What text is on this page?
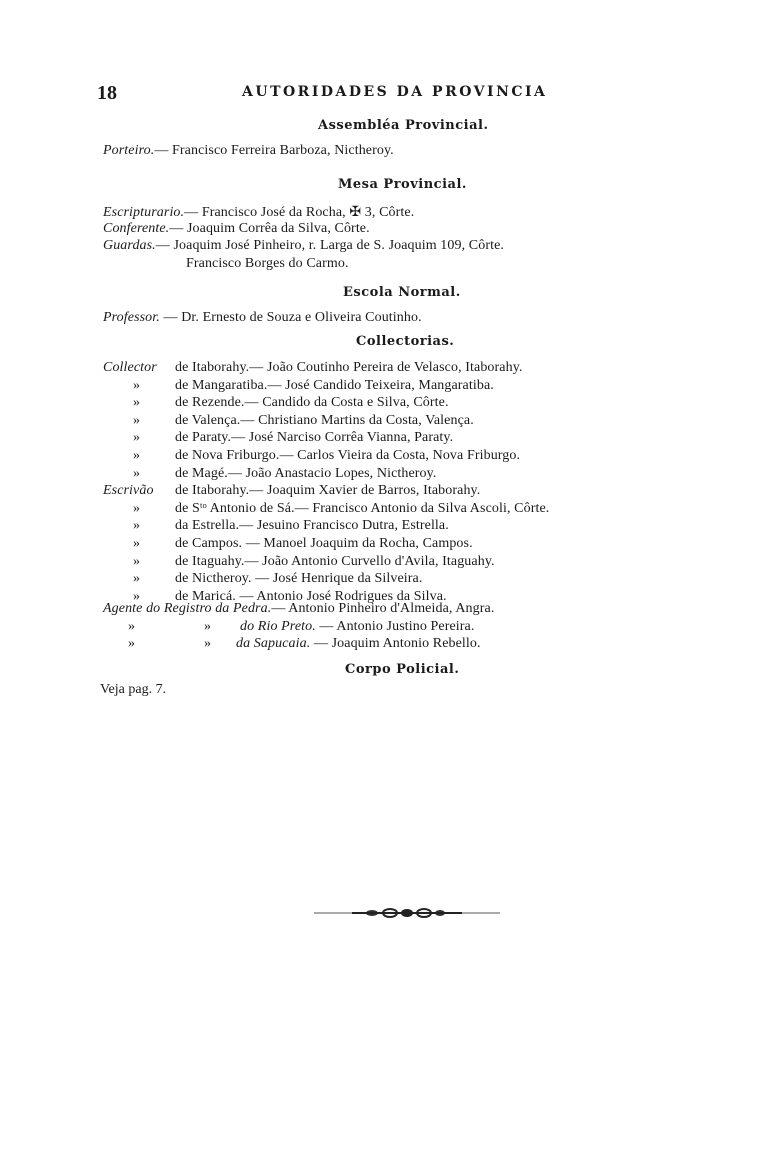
18	AUTORIDADES DA PROVINCIA
Assembléa Provincial.
Porteiro.— Francisco Ferreira Barboza, Nictheroy.
Mesa Provincial.
Escripturario.— Francisco José da Rocha, ✠ 3, Côrte.
Conferente.— Joaquim Corrêa da Silva, Côrte.
Guardas.— Joaquim José Pinheiro, r. Larga de S. Joaquim 109, Côrte.
Francisco Borges do Carmo.
Escola Normal.
Professor. — Dr. Ernesto de Souza e Oliveira Coutinho.
Collectorias.
Collector de Itaborahy.— João Coutinho Pereira de Velasco, Itaborahy.
» de Mangaratiba.— José Candido Teixeira, Mangaratiba.
» de Rezende.— Candido da Costa e Silva, Côrte.
» de Valença.— Christiano Martins da Costa, Valença.
» de Paraty.— José Narciso Corrêa Vianna, Paraty.
» de Nova Friburgo.— Carlos Vieira da Costa, Nova Friburgo.
» de Magé.— João Anastacio Lopes, Nictheroy.
Escrivão de Itaborahy.— Joaquim Xavier de Barros, Itaborahy.
» de Sᵗᵒ Antonio de Sá.— Francisco Antonio da Silva Ascoli, Côrte.
» da Estrella.— Jesuino Francisco Dutra, Estrella.
» de Campos. — Manoel Joaquim da Rocha, Campos.
» de Itaguahy.— João Antonio Curvello d'Avila, Itaguahy.
» de Nictheroy. — José Henrique da Silveira.
» de Maricá. — Antonio José Rodrigues da Silva.
Agente do Registro da Pedra.— Antonio Pinheiro d'Almeida, Angra.
»	» do Rio Preto. — Antonio Justino Pereira.
»	» da Sapucaia. — Joaquim Antonio Rebello.
Corpo Policial.
Veja pag. 7.
